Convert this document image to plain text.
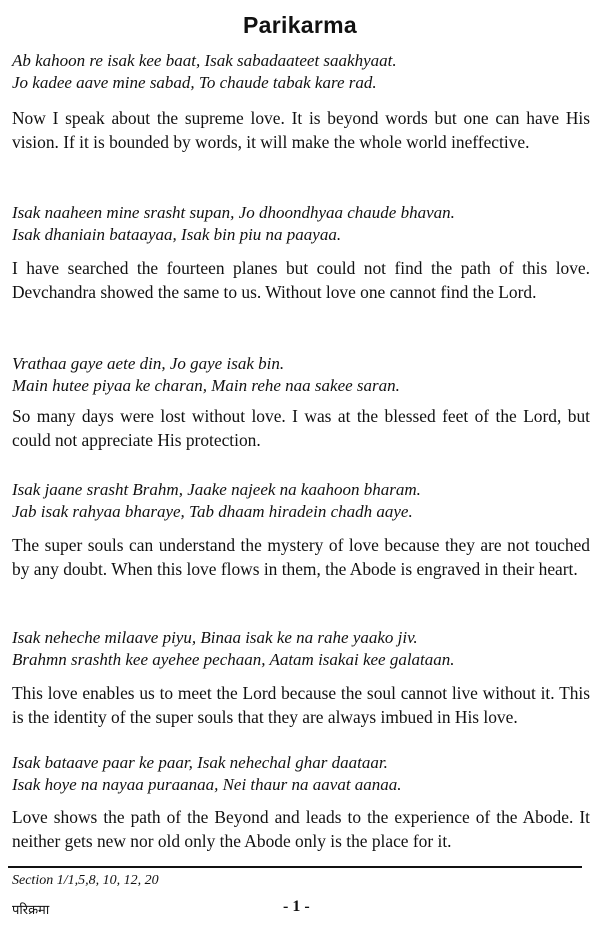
Parikarma
Ab kahoon re isak kee baat, Isak sabadaateet saakhyaat.
Jo kadee aave mine sabad, To chaude tabak kare rad.
Now I speak about the supreme love. It is beyond words but one can have His vision. If it is bounded by words, it will make the whole world ineffective.
Isak naaheen mine srasht supan, Jo dhoondhyaa chaude bhavan.
Isak dhaniain bataayaa, Isak bin piu na paayaa.
I have searched the fourteen planes but could not find the path of this love. Devchandra showed the same to us. Without love one cannot find the Lord.
Vrathaa gaye aete din, Jo gaye isak bin.
Main hutee piyaa ke charan, Main rehe naa sakee saran.
So many days were lost without love. I was at the blessed feet of the Lord, but could not appreciate His protection.
Isak jaane srasht Brahm, Jaake najeek na kaahoon bharam.
Jab isak rahyaa bharaye, Tab dhaam hiradein chadh aaye.
The super souls can understand the mystery of love because they are not touched by any doubt. When this love flows in them, the Abode is engraved in their heart.
Isak neheche milaave piyu, Binaa isak ke na rahe yaako jiv.
Brahmn srashth kee ayehee pechaan, Aatam isakai kee galataan.
This love enables us to meet the Lord because the soul cannot live without it. This is the identity of the super souls that they are always imbued in His love.
Isak bataave paar ke paar, Isak nehechal ghar daataar.
Isak hoye na nayaa puraanaa, Nei thaur na aavat aanaa.
Love shows the path of the Beyond and leads to the experience of the Abode. It neither gets new nor old only the Abode only is the place for it.
Section 1/1,5,8, 10, 12, 20
परिक्रमा	- 1 -
